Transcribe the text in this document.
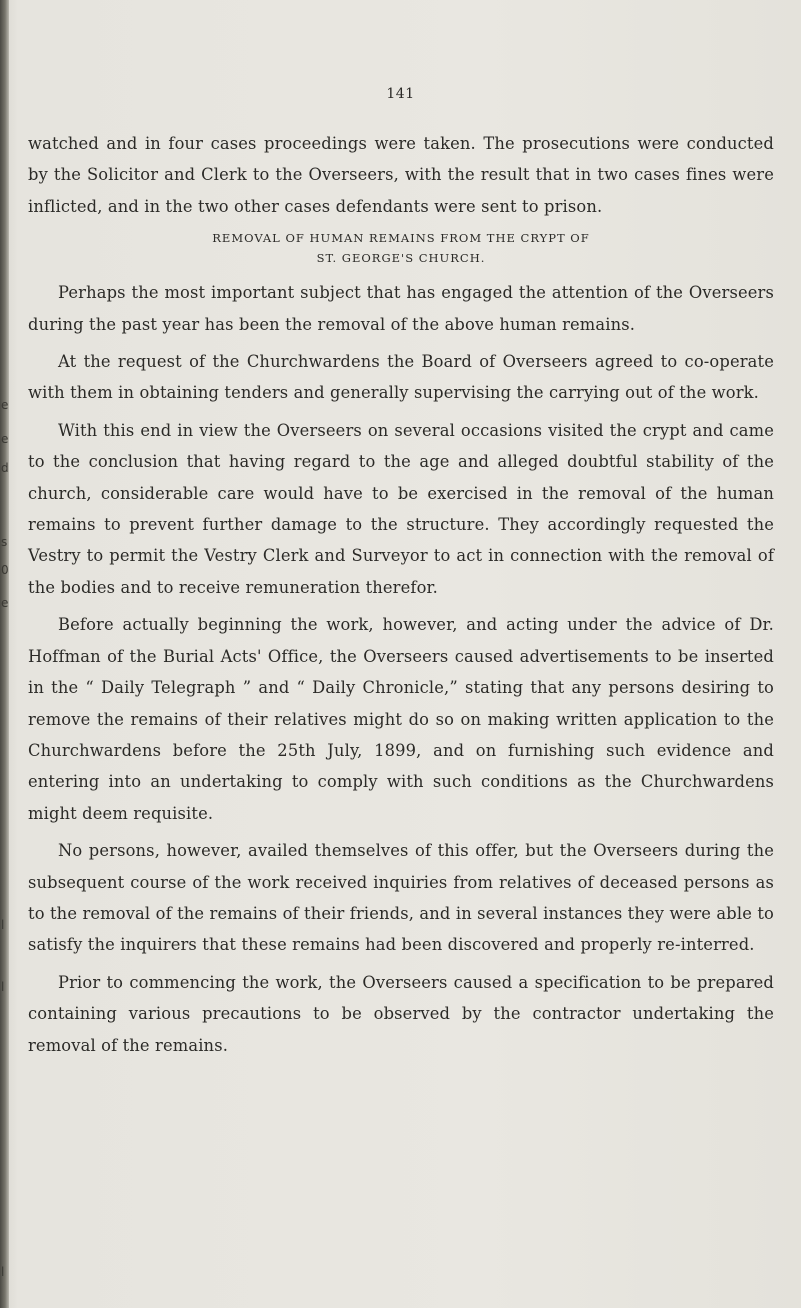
e
e
d
s
0
e
l
l
l
141

watched and in four cases proceedings were taken. The prosecutions were conducted by the Solicitor and Clerk to the Overseers, with the result that in two cases fines were inflicted, and in the two other cases defendants were sent to prison.

REMOVAL OF HUMAN REMAINS FROM THE CRYPT OF
ST. GEORGE'S CHURCH.

Perhaps the most important subject that has engaged the attention of the Overseers during the past year has been the removal of the above human remains.

At the request of the Churchwardens the Board of Overseers agreed to co-operate with them in obtaining tenders and generally supervising the carrying out of the work.

With this end in view the Overseers on several occasions visited the crypt and came to the conclusion that having regard to the age and alleged doubtful stability of the church, considerable care would have to be exercised in the removal of the human remains to prevent further damage to the structure. They accordingly requested the Vestry to permit the Vestry Clerk and Surveyor to act in connection with the removal of the bodies and to receive remuneration therefor.

Before actually beginning the work, however, and acting under the advice of Dr. Hoffman of the Burial Acts' Office, the Overseers caused advertisements to be inserted in the “ Daily Telegraph ” and “ Daily Chronicle,” stating that any persons desiring to remove the remains of their relatives might do so on making written application to the Churchwardens before the 25th July, 1899, and on furnishing such evidence and entering into an undertaking to comply with such conditions as the Churchwardens might deem requisite.

No persons, however, availed themselves of this offer, but the Overseers during the subsequent course of the work received inquiries from relatives of deceased persons as to the removal of the remains of their friends, and in several instances they were able to satisfy the inquirers that these remains had been discovered and properly re-interred.

Prior to commencing the work, the Overseers caused a specification to be prepared containing various precautions to be observed by the contractor undertaking the removal of the remains.
